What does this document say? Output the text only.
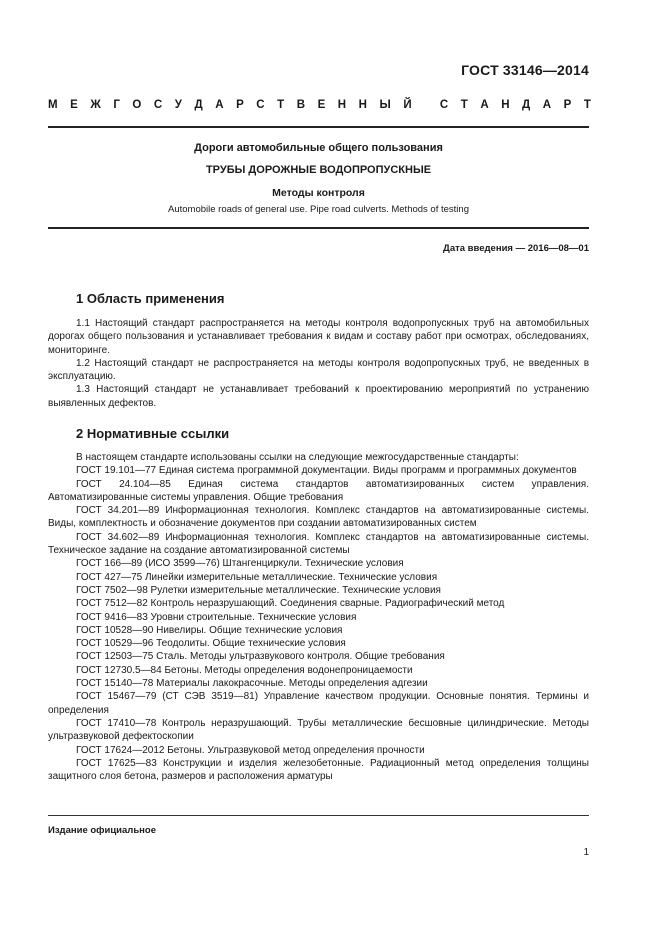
ГОСТ 33146—2014
М Е Ж Г О С У Д А Р С Т В Е Н Н Ы Й
С Т А Н Д А Р Т
Дороги автомобильные общего пользования
ТРУБЫ ДОРОЖНЫЕ ВОДОПРОПУСКНЫЕ
Методы контроля
Automobile roads of general use. Pipe road culverts. Methods of testing
Дата введения — 2016—08—01
1 Область применения

1.1 Настоящий стандарт распространяется на методы контроля водопропускных труб на автомобильных дорогах общего пользования и устанавливает требования к видам и составу работ при осмотрах, обследованиях, мониторинге.

1.2 Настоящий стандарт не распространяется на методы контроля водопропускных труб, не введенных в эксплуатацию.

1.3 Настоящий стандарт не устанавливает требований к проектированию мероприятий по устранению выявленных дефектов.

2 Нормативные ссылки

В настоящем стандарте использованы ссылки на следующие межгосударственные стандарты:

ГОСТ 19.101—77 Единая система программной документации. Виды программ и программных документов

ГОСТ 24.104—85 Единая система стандартов автоматизированных систем управления. Автоматизированные системы управления. Общие требования

ГОСТ 34.201—89 Информационная технология. Комплекс стандартов на автоматизированные системы. Виды, комплектность и обозначение документов при создании автоматизированных систем

ГОСТ 34.602—89 Информационная технология. Комплекс стандартов на автоматизированные системы. Техническое задание на создание автоматизированной системы

ГОСТ 166—89 (ИСО 3599—76) Штангенциркули. Технические условия

ГОСТ 427—75 Линейки измерительные металлические. Технические условия

ГОСТ 7502—98 Рулетки измерительные металлические. Технические условия

ГОСТ 7512—82 Контроль неразрушающий. Соединения сварные. Радиографический метод

ГОСТ 9416—83 Уровни строительные. Технические условия

ГОСТ 10528—90 Нивелиры. Общие технические условия

ГОСТ 10529—96 Теодолиты. Общие технические условия

ГОСТ 12503—75 Сталь. Методы ультразвукового контроля. Общие требования

ГОСТ 12730.5—84 Бетоны. Методы определения водонепроницаемости

ГОСТ 15140—78 Материалы лакокрасочные. Методы определения адгезии

ГОСТ 15467—79 (СТ СЭВ 3519—81) Управление качеством продукции. Основные понятия. Термины и определения

ГОСТ 17410—78 Контроль неразрушающий. Трубы металлические бесшовные цилиндрические. Методы ультразвуковой дефектоскопии

ГОСТ 17624—2012 Бетоны. Ультразвуковой метод определения прочности

ГОСТ 17625—83 Конструкции и изделия железобетонные. Радиационный метод определения толщины защитного слоя бетона, размеров и расположения арматуры

Издание официальное
1
